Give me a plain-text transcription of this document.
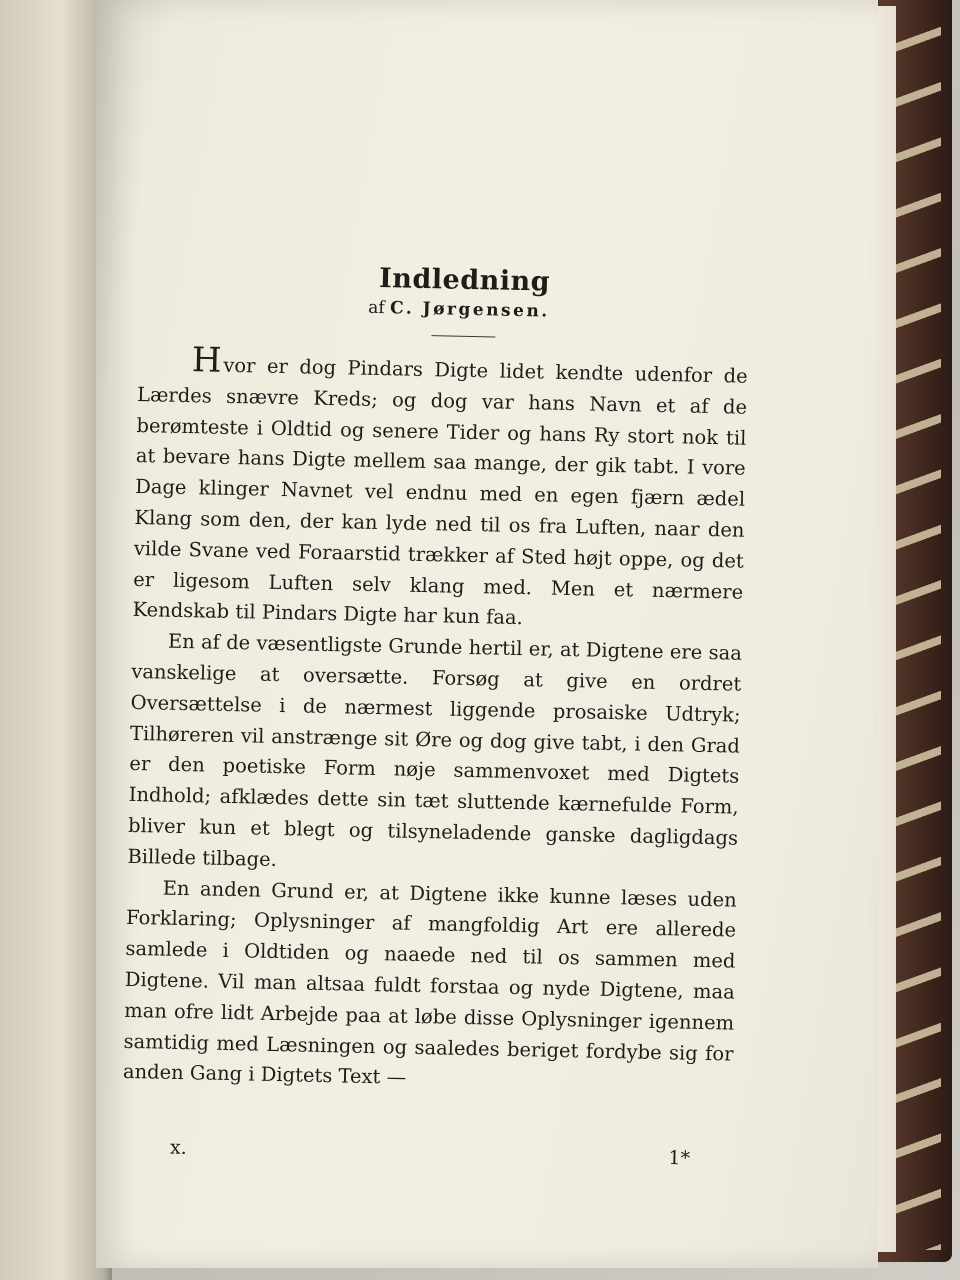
Indledning

af C. Jørgensen.

Hvor er dog Pindars Digte lidet kendte udenfor de Lærdes snævre Kreds; og dog var hans Navn et af de berømteste i Oldtid og senere Tider og hans Ry stort nok til at bevare hans Digte mellem saa mange, der gik tabt. I vore Dage klinger Navnet vel endnu med en egen fjærn ædel Klang som den, der kan lyde ned til os fra Luften, naar den vilde Svane ved Foraarstid trækker af Sted højt oppe, og det er ligesom Luften selv klang med. Men et nærmere Kendskab til Pindars Digte har kun faa.

En af de væsentligste Grunde hertil er, at Digtene ere saa vanskelige at oversætte. Forsøg at give en ordret Oversættelse i de nærmest liggende prosaiske Udtryk; Tilhøreren vil anstrænge sit Øre og dog give tabt, i den Grad er den poetiske Form nøje sammenvoxet med Digtets Indhold; afklædes dette sin tæt sluttende kærnefulde Form, bliver kun et blegt og tilsyneladende ganske dagligdags Billede tilbage.

En anden Grund er, at Digtene ikke kunne læses uden Forklaring; Oplysninger af mangfoldig Art ere allerede samlede i Oldtiden og naaede ned til os sammen med Digtene. Vil man altsaa fuldt forstaa og nyde Digtene, maa man ofre lidt Arbejde paa at løbe disse Oplysninger igennem samtidig med Læsningen og saaledes beriget fordybe sig for anden Gang i Digtets Text —

x.	1*
